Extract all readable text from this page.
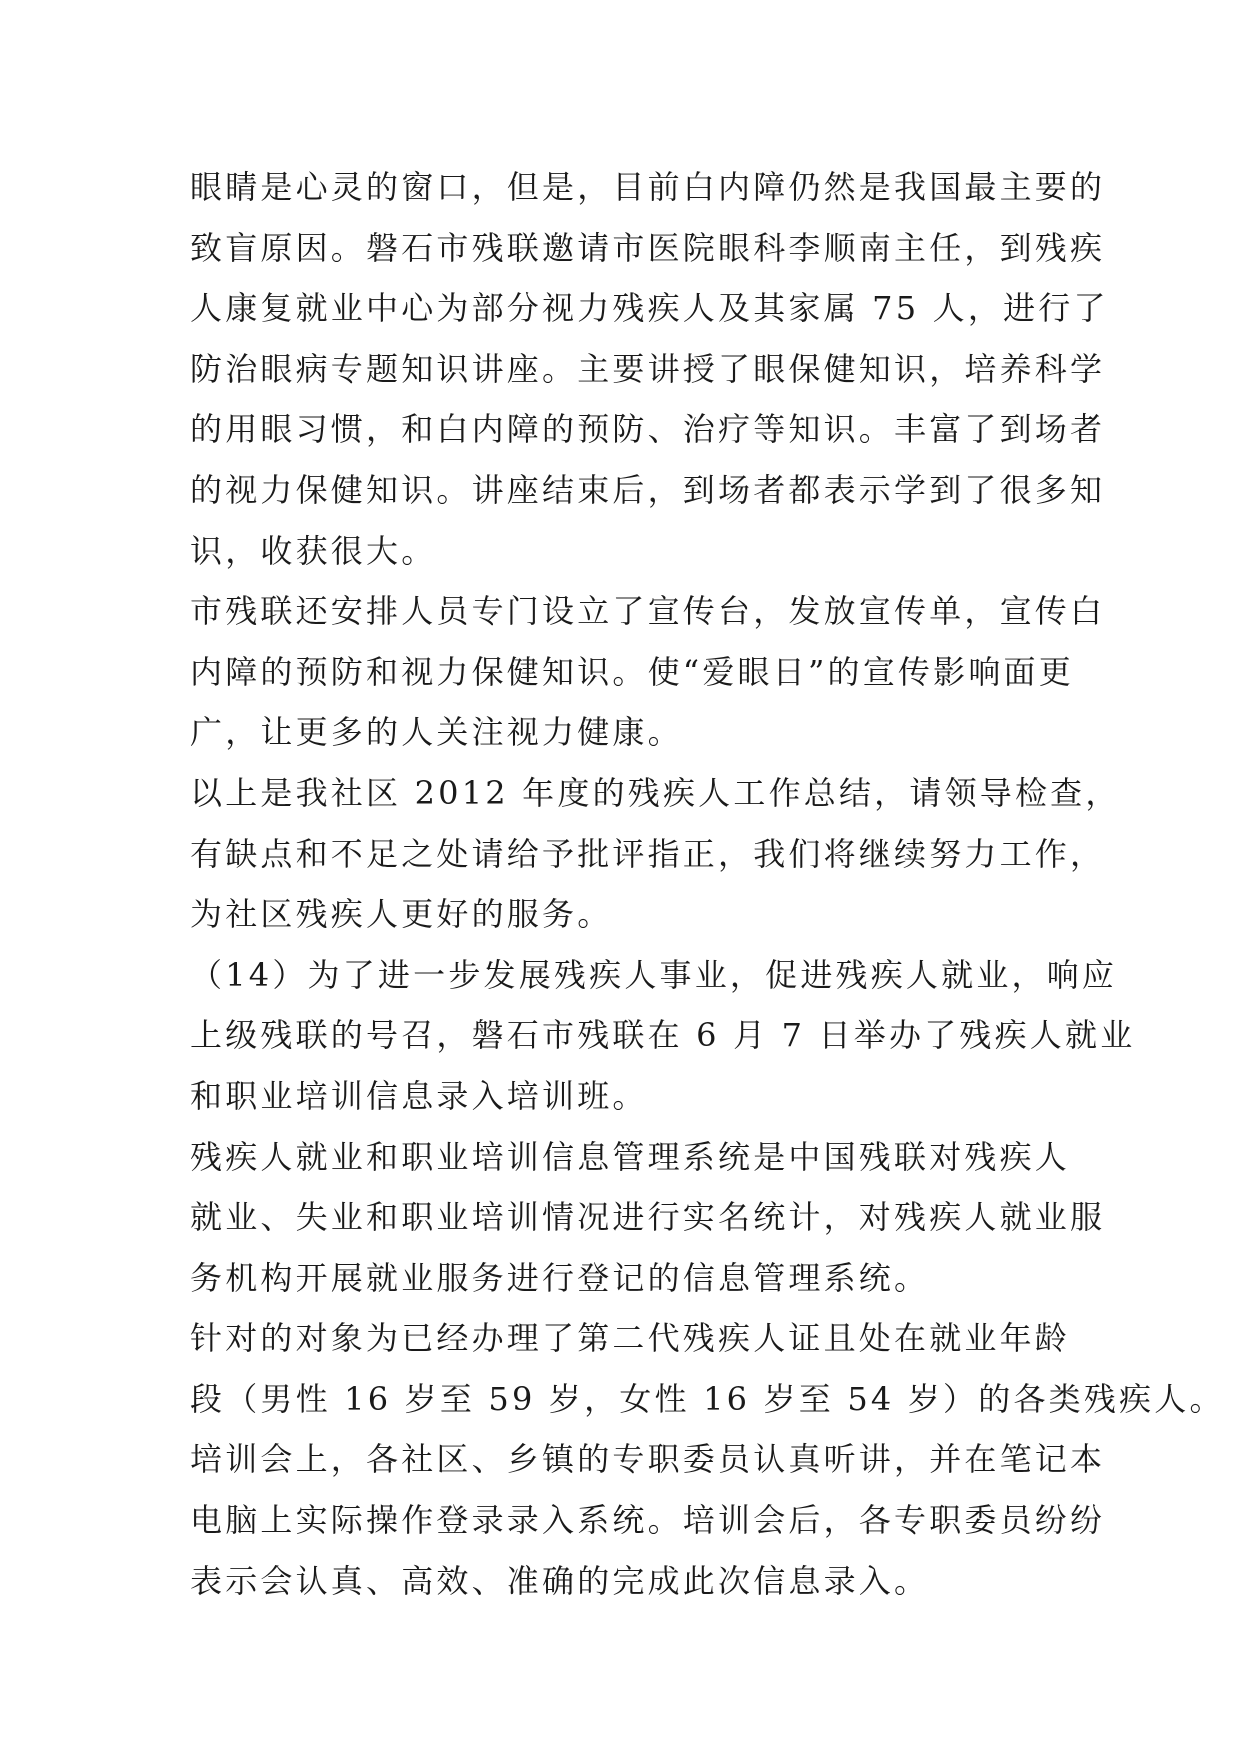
眼睛是心灵的窗口，但是，目前白内障仍然是我国最主要的
致盲原因。磐石市残联邀请市医院眼科李顺南主任，到残疾
人康复就业中心为部分视力残疾人及其家属 75 人，进行了
防治眼病专题知识讲座。主要讲授了眼保健知识，培养科学
的用眼习惯，和白内障的预防、治疗等知识。丰富了到场者
的视力保健知识。讲座结束后，到场者都表示学到了很多知
识，收获很大。
市残联还安排人员专门设立了宣传台，发放宣传单，宣传白
内障的预防和视力保健知识。使“爱眼日”的宣传影响面更
广，让更多的人关注视力健康。
以上是我社区 2012 年度的残疾人工作总结，请领导检查，
有缺点和不足之处请给予批评指正，我们将继续努力工作，
为社区残疾人更好的服务。
（14）为了进一步发展残疾人事业，促进残疾人就业，响应
上级残联的号召，磐石市残联在 6 月 7 日举办了残疾人就业
和职业培训信息录入培训班。
残疾人就业和职业培训信息管理系统是中国残联对残疾人
就业、失业和职业培训情况进行实名统计，对残疾人就业服
务机构开展就业服务进行登记的信息管理系统。
针对的对象为已经办理了第二代残疾人证且处在就业年龄
段（男性 16 岁至 59 岁，女性 16 岁至 54 岁）的各类残疾人。
培训会上，各社区、乡镇的专职委员认真听讲，并在笔记本
电脑上实际操作登录录入系统。培训会后，各专职委员纷纷
表示会认真、高效、准确的完成此次信息录入。
